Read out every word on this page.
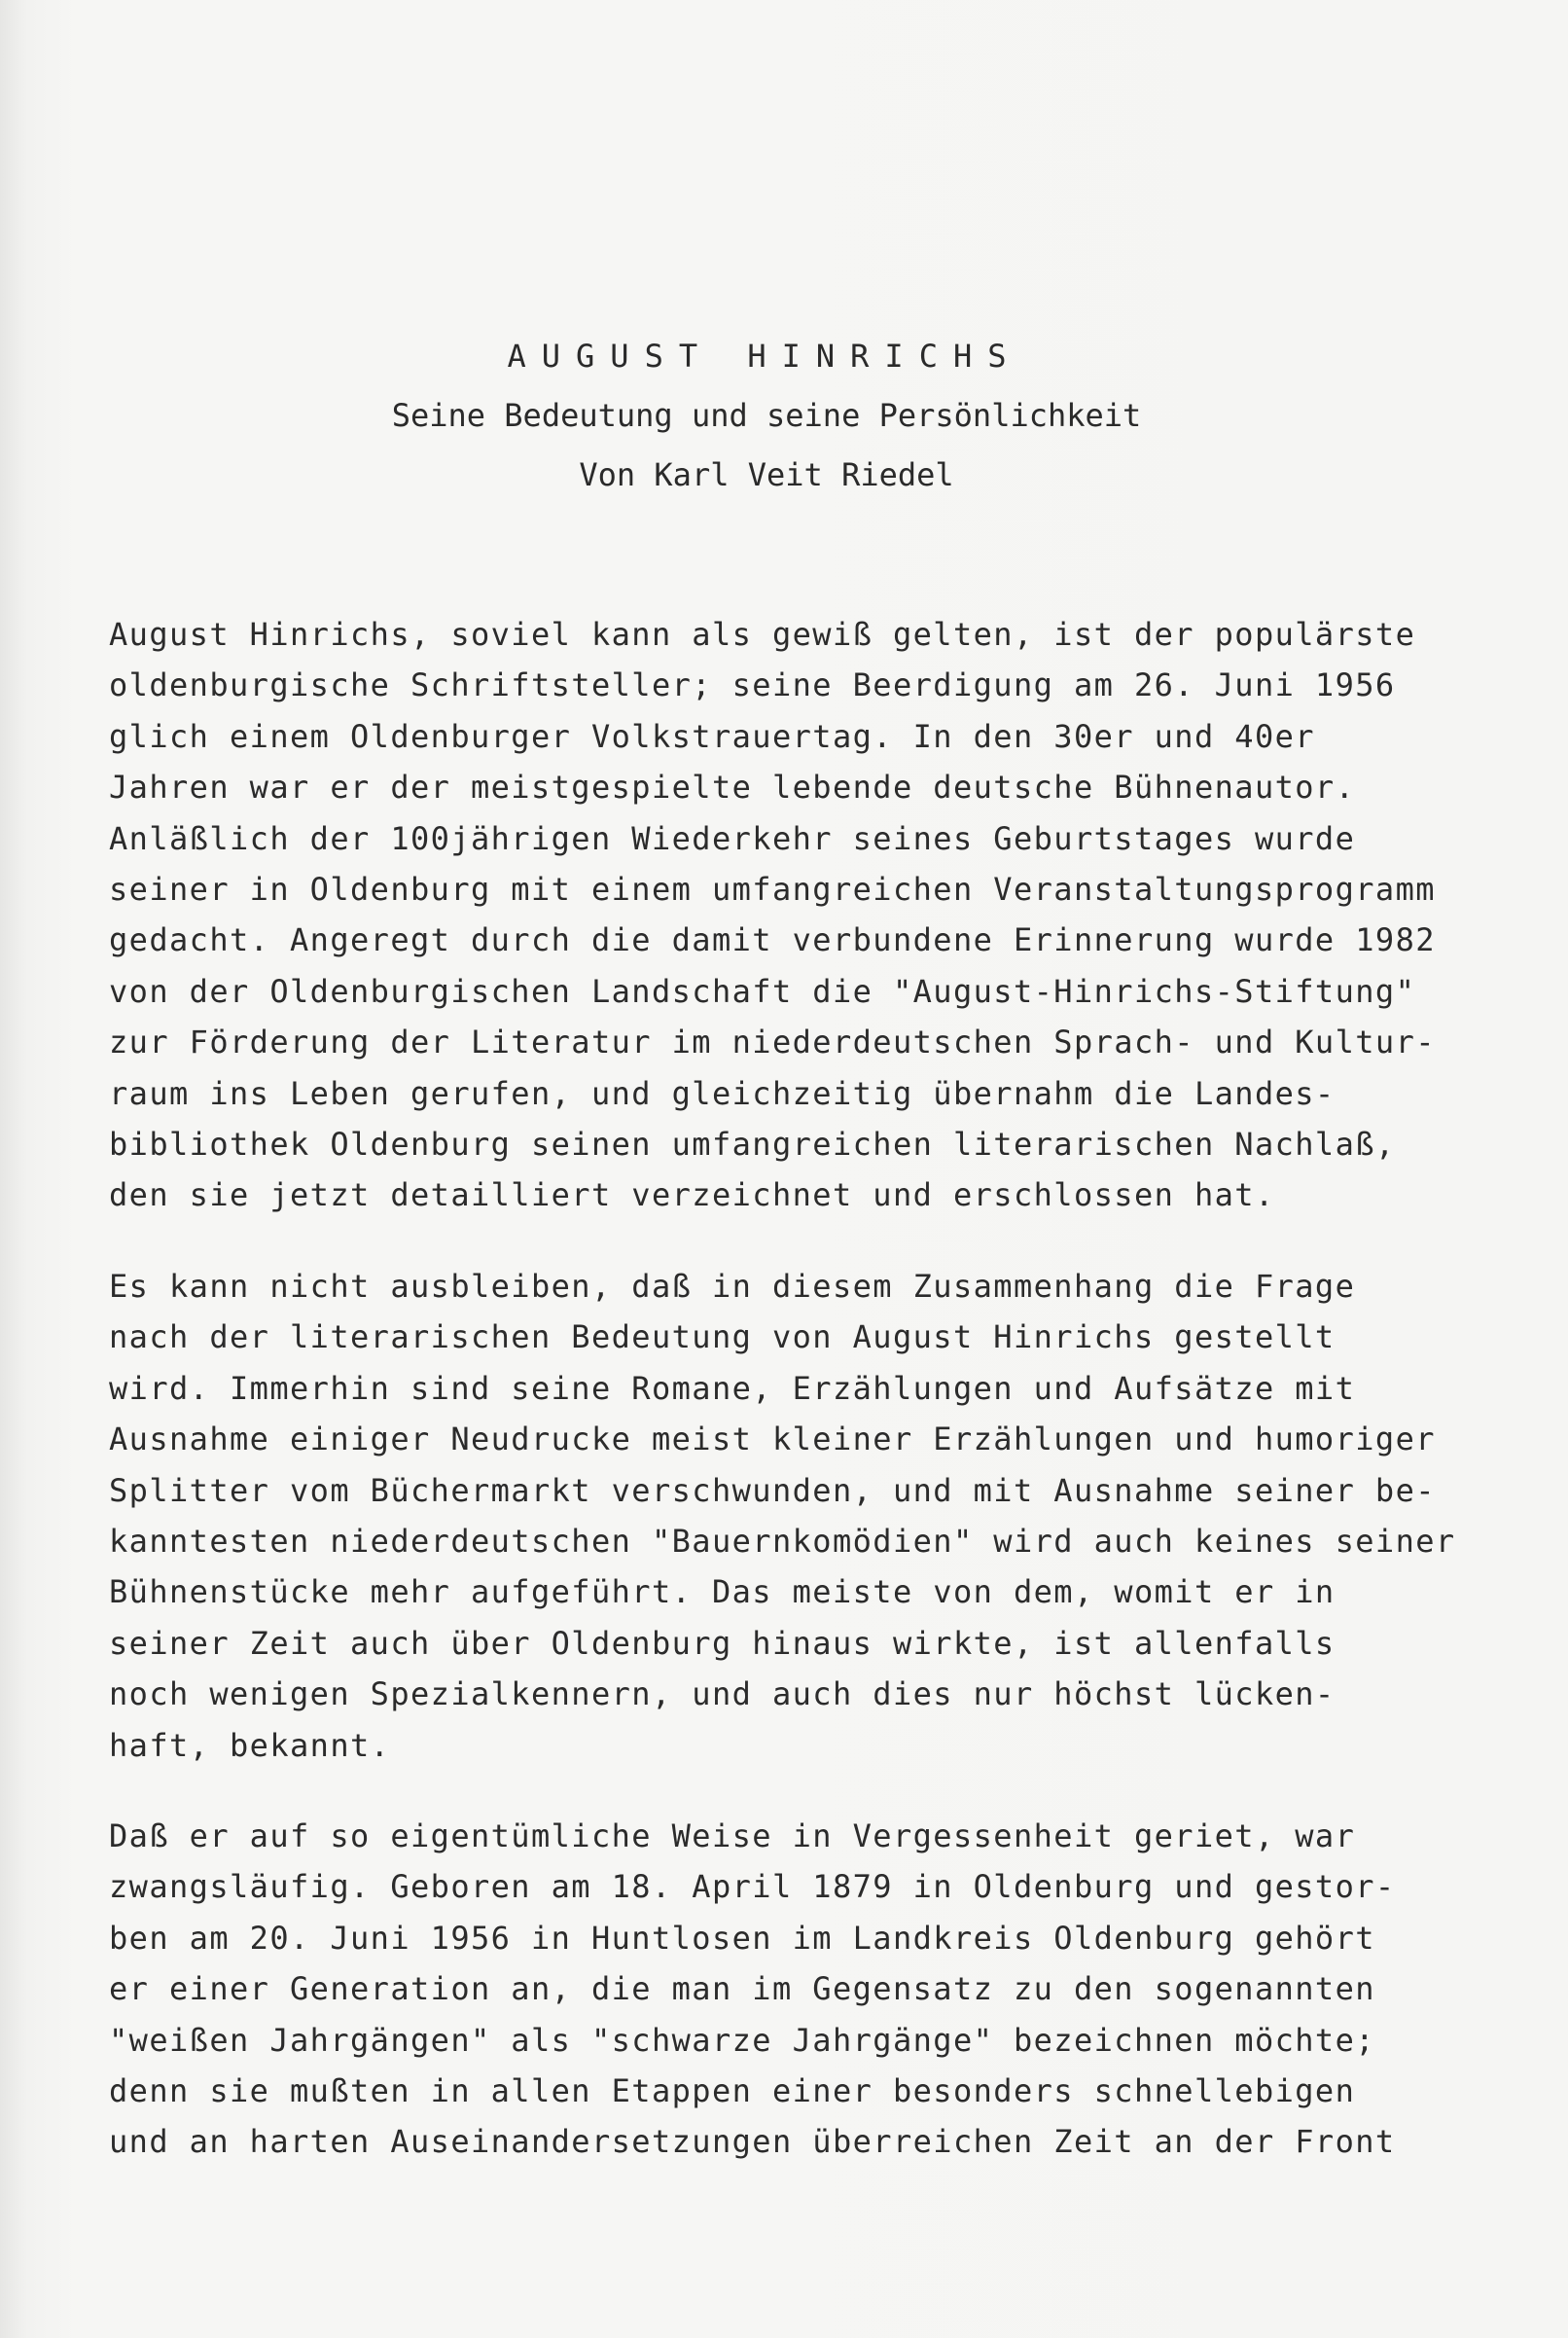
AUGUST HINRICHS
Seine Bedeutung und seine Persönlichkeit
Von Karl Veit Riedel

August Hinrichs, soviel kann als gewiß gelten, ist der populärste
oldenburgische Schriftsteller; seine Beerdigung am 26. Juni 1956
glich einem Oldenburger Volkstrauertag. In den 30er und 40er
Jahren war er der meistgespielte lebende deutsche Bühnenautor.
Anläßlich der 100jährigen Wiederkehr seines Geburtstages wurde
seiner in Oldenburg mit einem umfangreichen Veranstaltungsprogramm
gedacht. Angeregt durch die damit verbundene Erinnerung wurde 1982
von der Oldenburgischen Landschaft die "August-Hinrichs-Stiftung"
zur Förderung der Literatur im niederdeutschen Sprach- und Kultur-
raum ins Leben gerufen, und gleichzeitig übernahm die Landes-
bibliothek Oldenburg seinen umfangreichen literarischen Nachlaß,
den sie jetzt detailliert verzeichnet und erschlossen hat.

Es kann nicht ausbleiben, daß in diesem Zusammenhang die Frage
nach der literarischen Bedeutung von August Hinrichs gestellt
wird. Immerhin sind seine Romane, Erzählungen und Aufsätze mit
Ausnahme einiger Neudrucke meist kleiner Erzählungen und humoriger
Splitter vom Büchermarkt verschwunden, und mit Ausnahme seiner be-
kanntesten niederdeutschen "Bauernkomödien" wird auch keines seiner
Bühnenstücke mehr aufgeführt. Das meiste von dem, womit er in
seiner Zeit auch über Oldenburg hinaus wirkte, ist allenfalls
noch wenigen Spezialkennern, und auch dies nur höchst lücken-
haft, bekannt.

Daß er auf so eigentümliche Weise in Vergessenheit geriet, war
zwangsläufig. Geboren am 18. April 1879 in Oldenburg und gestor-
ben am 20. Juni 1956 in Huntlosen im Landkreis Oldenburg gehört
er einer Generation an, die man im Gegensatz zu den sogenannten
"weißen Jahrgängen" als "schwarze Jahrgänge" bezeichnen möchte;
denn sie mußten in allen Etappen einer besonders schnellebigen
und an harten Auseinandersetzungen überreichen Zeit an der Front
